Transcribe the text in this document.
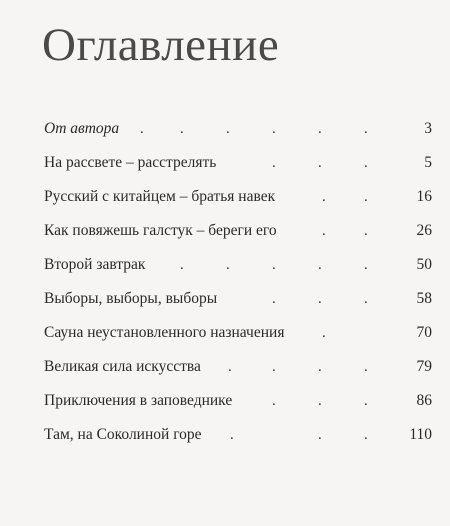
Оглавление
От автора . .	.	.	.	.	3
На рассвете – расстрелять	.	.	.	5
Русский с китайцем – братья навек	.	.	16
Как повяжешь галстук – береги его	.	.	26
Второй завтрак .	.	.	.	.	50
Выборы, выборы, выборы	.	.	.	58
Сауна неустановленного назначения	.	70
Великая сила искусства .	.	.	.	79
Приключения в заповеднике	.	.	.	86
Там, на Соколиной горе .	.	.	110
